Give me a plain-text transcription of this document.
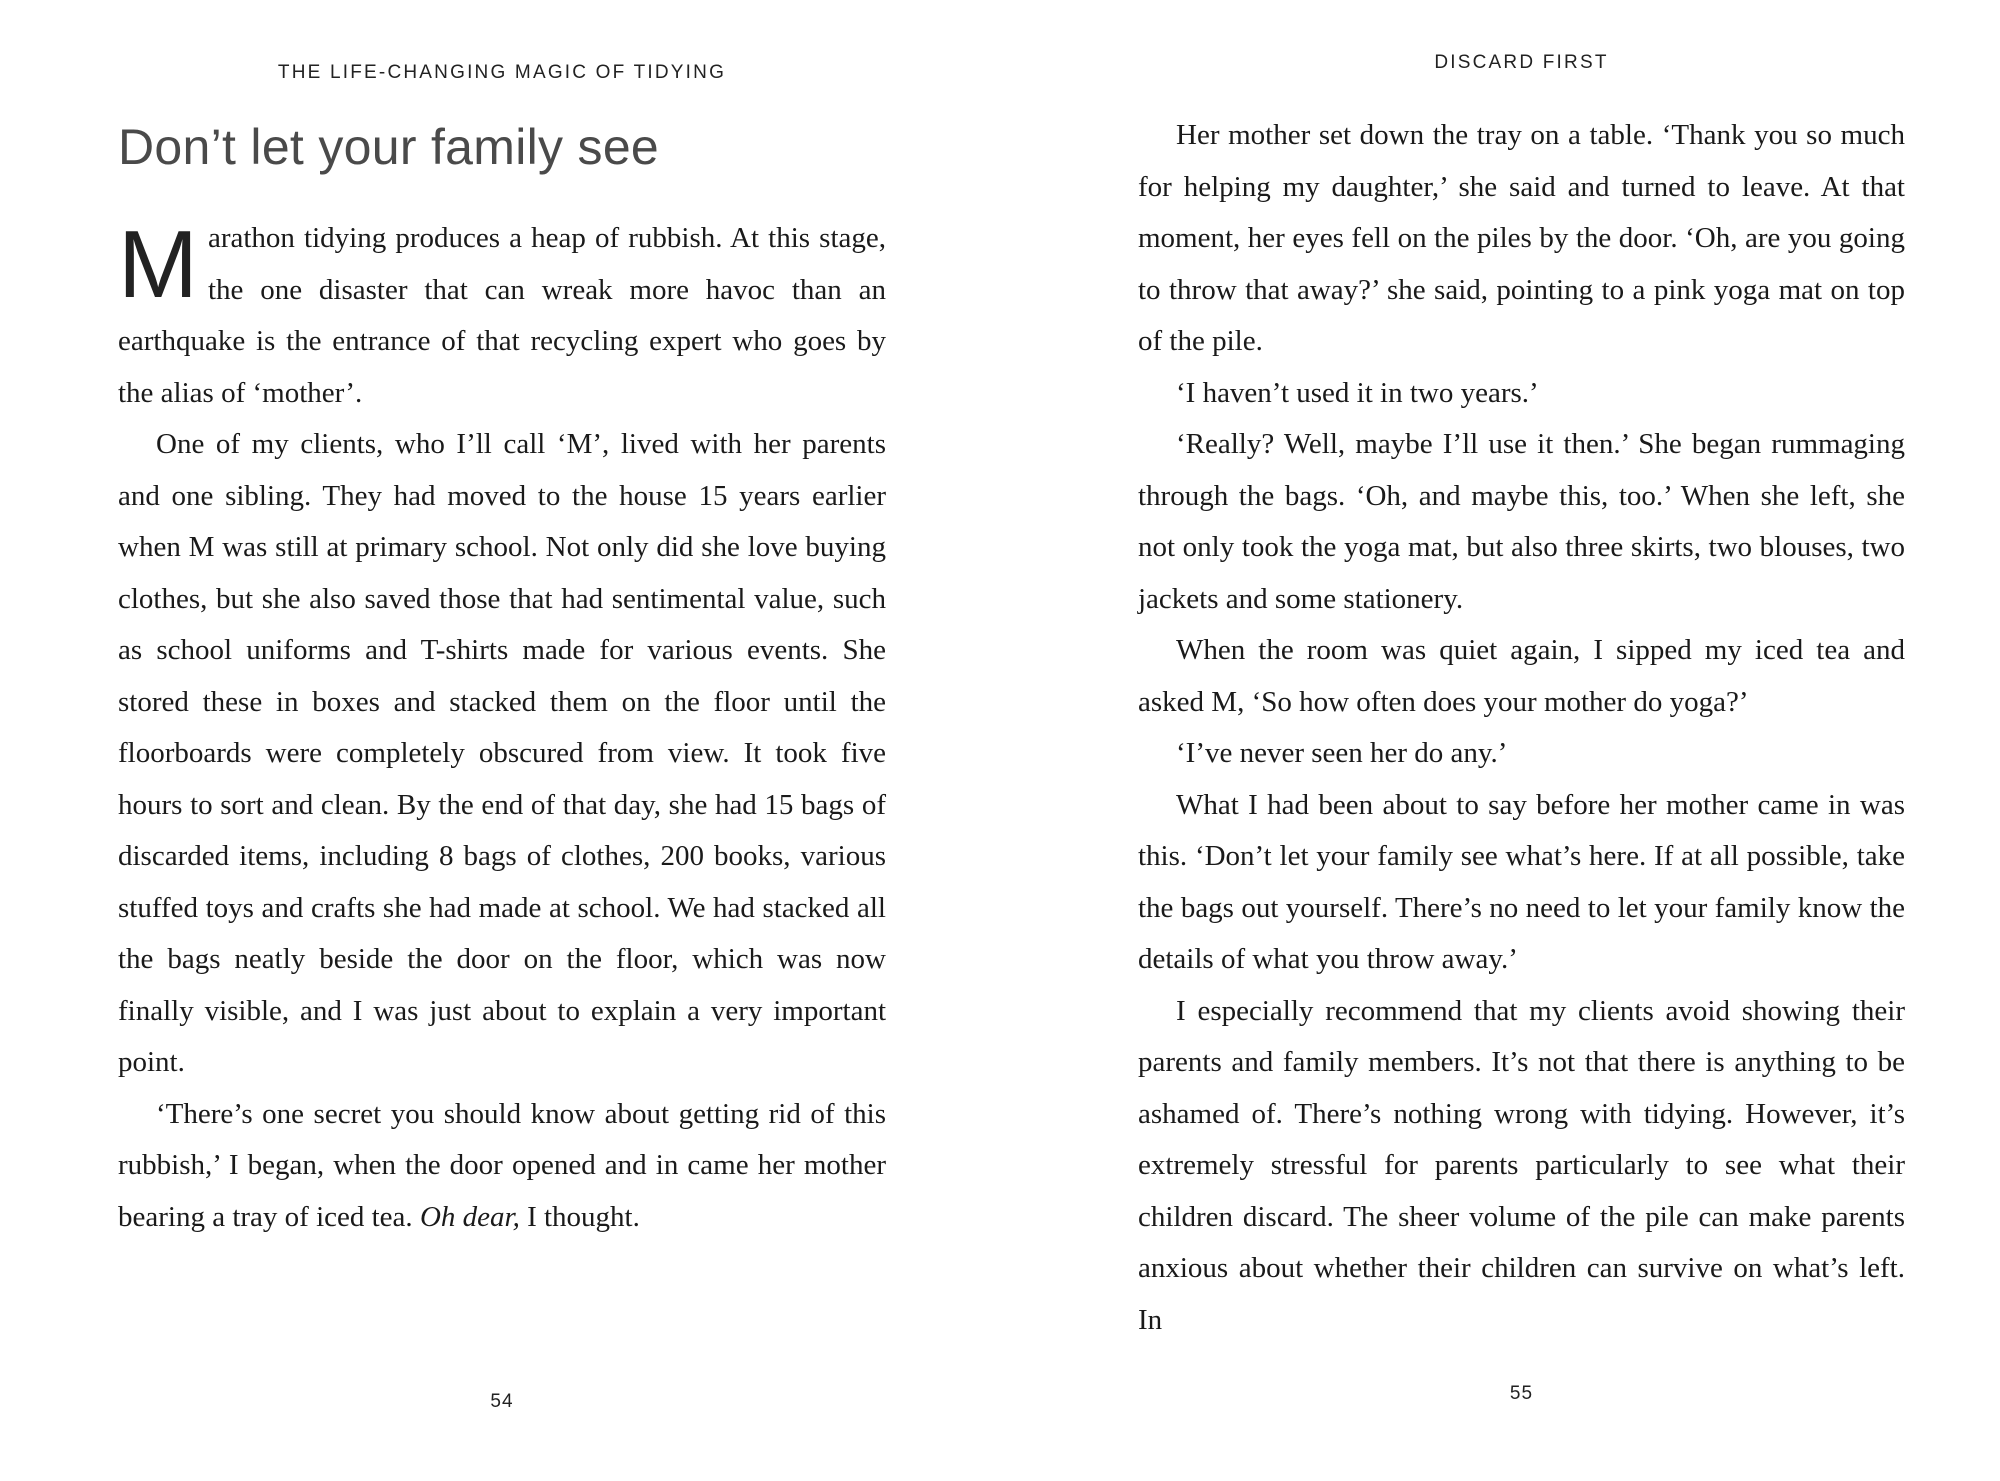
THE LIFE-CHANGING MAGIC OF TIDYING
Don’t let your family see

Marathon tidying produces a heap of rubbish. At this stage, the one disaster that can wreak more havoc than an earthquake is the entrance of that recycling expert who goes by the alias of ‘mother’.

One of my clients, who I’ll call ‘M’, lived with her parents and one sibling. They had moved to the house 15 years earlier when M was still at primary school. Not only did she love buying clothes, but she also saved those that had sentimental value, such as school uniforms and T-shirts made for various events. She stored these in boxes and stacked them on the floor until the floorboards were completely obscured from view. It took five hours to sort and clean. By the end of that day, she had 15 bags of discarded items, including 8 bags of clothes, 200 books, various stuffed toys and crafts she had made at school. We had stacked all the bags neatly beside the door on the floor, which was now finally visible, and I was just about to explain a very important point.

‘There’s one secret you should know about getting rid of this rubbish,’ I began, when the door opened and in came her mother bearing a tray of iced tea. Oh dear, I thought.

54
DISCARD FIRST

Her mother set down the tray on a table. ‘Thank you so much for helping my daughter,’ she said and turned to leave. At that moment, her eyes fell on the piles by the door. ‘Oh, are you going to throw that away?’ she said, pointing to a pink yoga mat on top of the pile.

‘I haven’t used it in two years.’

‘Really? Well, maybe I’ll use it then.’ She began rummaging through the bags. ‘Oh, and maybe this, too.’ When she left, she not only took the yoga mat, but also three skirts, two blouses, two jackets and some stationery.

When the room was quiet again, I sipped my iced tea and asked M, ‘So how often does your mother do yoga?’

‘I’ve never seen her do any.’

What I had been about to say before her mother came in was this. ‘Don’t let your family see what’s here. If at all possible, take the bags out yourself. There’s no need to let your family know the details of what you throw away.’

I especially recommend that my clients avoid showing their parents and family members. It’s not that there is anything to be ashamed of. There’s nothing wrong with tidying. However, it’s extremely stressful for parents particularly to see what their children discard. The sheer volume of the pile can make parents anxious about whether their children can survive on what’s left. In

55
